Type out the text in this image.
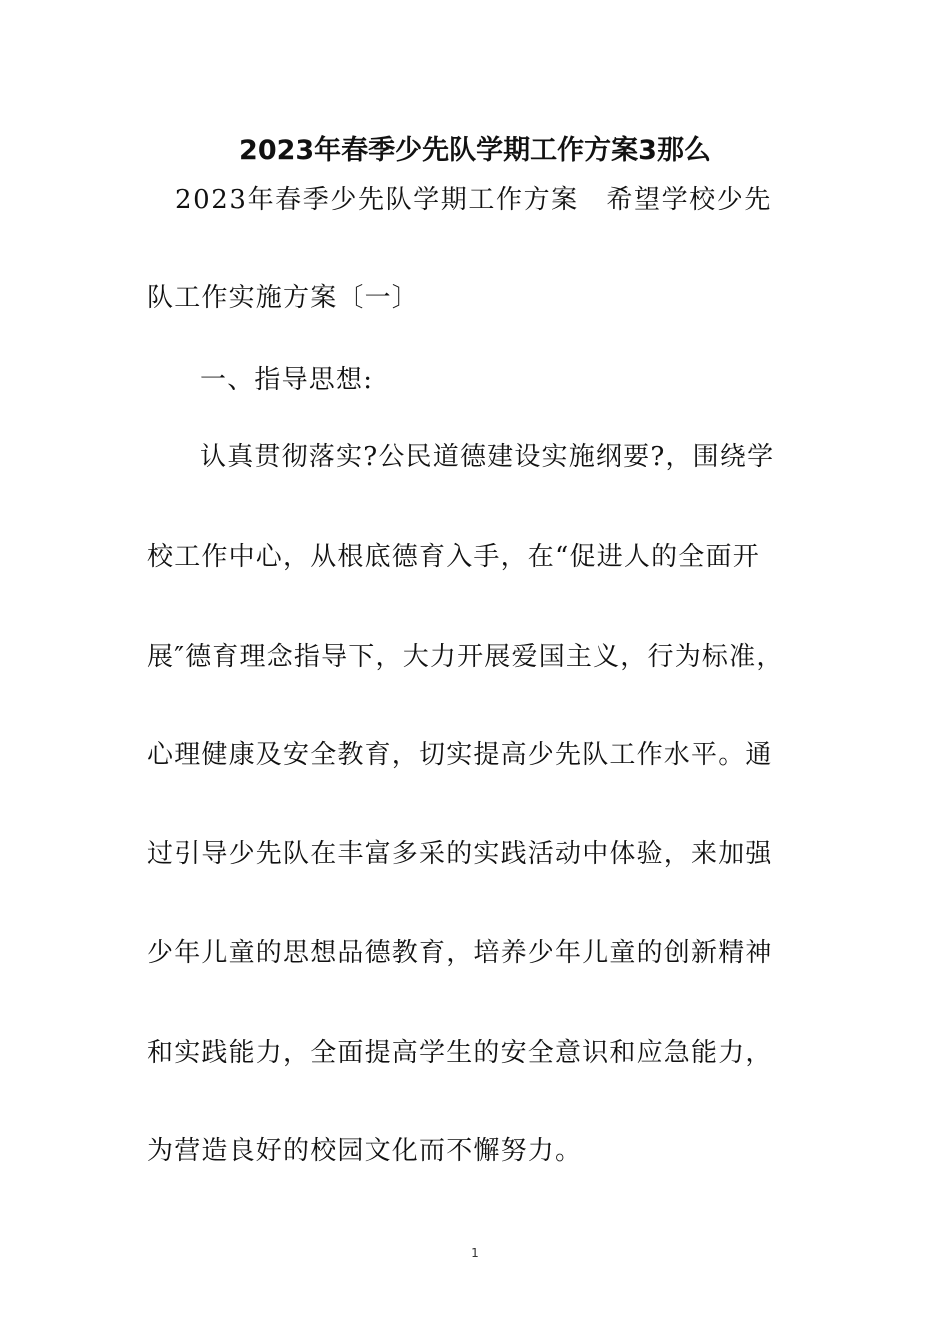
2023年春季少先队学期工作方案3那么
2023年春季少先队学期工作方案　希望学校少先
队工作实施方案〔一〕
一、指导思想:
认真贯彻落实?公民道德建设实施纲要?，围绕学
校工作中心，从根底德育入手，在“促进人的全面开
展″德育理念指导下，大力开展爱国主义，行为标准，
心理健康及安全教育，切实提高少先队工作水平。通
过引导少先队在丰富多采的实践活动中体验，来加强
少年儿童的思想品德教育，培养少年儿童的创新精神
和实践能力，全面提高学生的安全意识和应急能力，
为营造良好的校园文化而不懈努力。
1
